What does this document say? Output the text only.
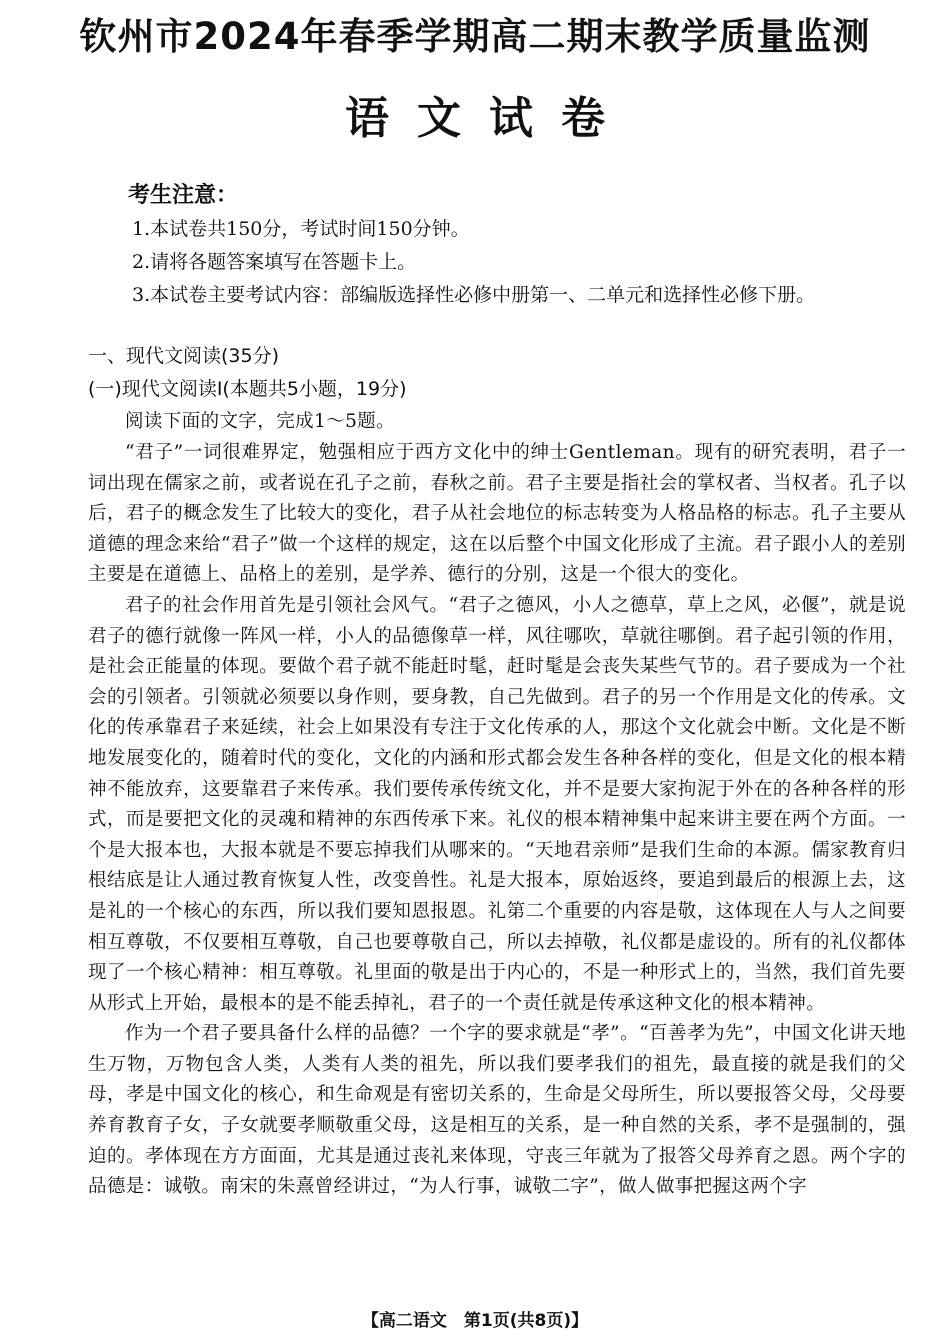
钦州市2024年春季学期高二期末教学质量监测
语文试卷
考生注意：
1.本试卷共150分，考试时间150分钟。
2.请将各题答案填写在答题卡上。
3.本试卷主要考试内容：部编版选择性必修中册第一、二单元和选择性必修下册。
一、现代文阅读(35分)
(一)现代文阅读Ⅰ(本题共5小题，19分)

阅读下面的文字，完成1～5题。

“君子”一词很难界定，勉强相应于西方文化中的绅士Gentleman。现有的研究表明，君子一词出现在儒家之前，或者说在孔子之前，春秋之前。君子主要是指社会的掌权者、当权者。孔子以后，君子的概念发生了比较大的变化，君子从社会地位的标志转变为人格品格的标志。孔子主要从道德的理念来给“君子”做一个这样的规定，这在以后整个中国文化形成了主流。君子跟小人的差别主要是在道德上、品格上的差别，是学养、德行的分别，这是一个很大的变化。

君子的社会作用首先是引领社会风气。“君子之德风，小人之德草，草上之风，必偃”，就是说君子的德行就像一阵风一样，小人的品德像草一样，风往哪吹，草就往哪倒。君子起引领的作用，是社会正能量的体现。要做个君子就不能赶时髦，赶时髦是会丧失某些气节的。君子要成为一个社会的引领者。引领就必须要以身作则，要身教，自己先做到。君子的另一个作用是文化的传承。文化的传承靠君子来延续，社会上如果没有专注于文化传承的人，那这个文化就会中断。文化是不断地发展变化的，随着时代的变化，文化的内涵和形式都会发生各种各样的变化，但是文化的根本精神不能放弃，这要靠君子来传承。我们要传承传统文化，并不是要大家拘泥于外在的各种各样的形式，而是要把文化的灵魂和精神的东西传承下来。礼仪的根本精神集中起来讲主要在两个方面。一个是大报本也，大报本就是不要忘掉我们从哪来的。“天地君亲师”是我们生命的本源。儒家教育归根结底是让人通过教育恢复人性，改变兽性。礼是大报本，原始返终，要追到最后的根源上去，这是礼的一个核心的东西，所以我们要知恩报恩。礼第二个重要的内容是敬，这体现在人与人之间要相互尊敬，不仅要相互尊敬，自己也要尊敬自己，所以去掉敬，礼仪都是虚设的。所有的礼仪都体现了一个核心精神：相互尊敬。礼里面的敬是出于内心的，不是一种形式上的，当然，我们首先要从形式上开始，最根本的是不能丢掉礼，君子的一个责任就是传承这种文化的根本精神。

作为一个君子要具备什么样的品德？一个字的要求就是“孝”。“百善孝为先”，中国文化讲天地生万物，万物包含人类，人类有人类的祖先，所以我们要孝我们的祖先，最直接的就是我们的父母，孝是中国文化的核心，和生命观是有密切关系的，生命是父母所生，所以要报答父母，父母要养育教育子女，子女就要孝顺敬重父母，这是相互的关系，是一种自然的关系，孝不是强制的，强迫的。孝体现在方方面面，尤其是通过丧礼来体现，守丧三年就为了报答父母养育之恩。两个字的品德是：诚敬。南宋的朱熹曾经讲过，“为人行事，诚敬二字”，做人做事把握这两个字

【高二语文　第1页(共8页)】
